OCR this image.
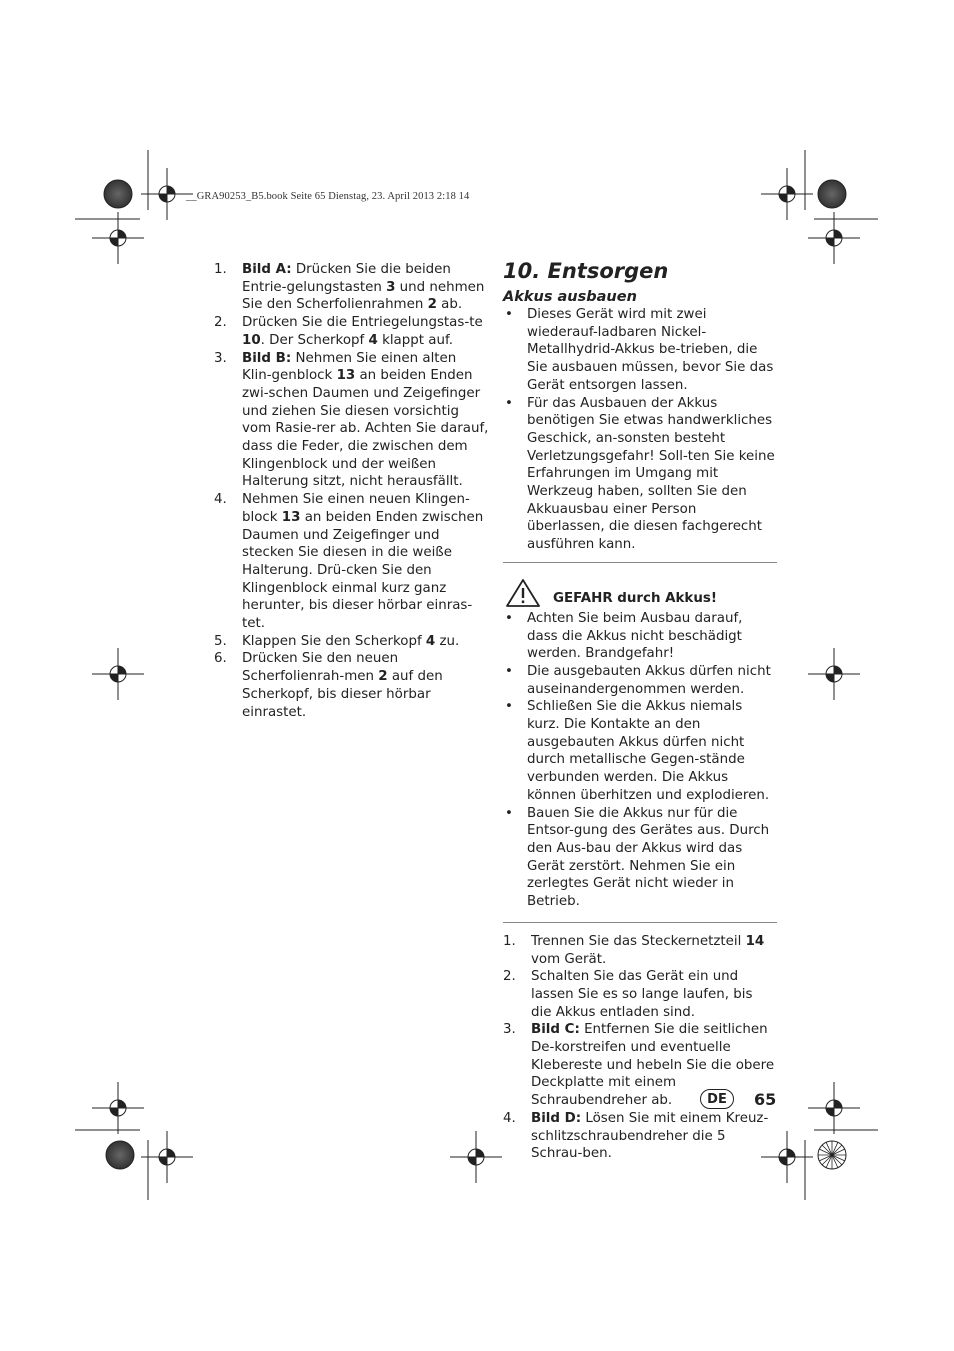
__GRA90253_B5.book Seite 65 Dienstag, 23. April 2013 2:18 14
1.	Bild A: Drücken Sie die beiden Entrie-gelungstasten 3 und nehmen Sie den Scherfolienrahmen 2 ab.
2.	Drücken Sie die Entriegelungstas-te 10. Der Scherkopf 4 klappt auf.
3.	Bild B: Nehmen Sie einen alten Klin-genblock 13 an beiden Enden zwi-schen Daumen und Zeigefinger und ziehen Sie diesen vorsichtig vom Rasie-rer ab. Achten Sie darauf, dass die Feder, die zwischen dem Klingenblock und der weißen Halterung sitzt, nicht herausfällt.
4.	Nehmen Sie einen neuen Klingen-block 13 an beiden Enden zwischen Daumen und Zeigefinger und stecken Sie diesen in die weiße Halterung. Drü-cken Sie den Klingenblock einmal kurz ganz herunter, bis dieser hörbar einras-tet.
5.	Klappen Sie den Scherkopf 4 zu.
6.	Drücken Sie den neuen Scherfolienrah-men 2 auf den Scherkopf, bis dieser hörbar einrastet.
10. Entsorgen
Akkus ausbauen
•	Dieses Gerät wird mit zwei wiederauf-ladbaren Nickel-Metallhydrid-Akkus be-trieben, die Sie ausbauen müssen, bevor Sie das Gerät entsorgen lassen.
•	Für das Ausbauen der Akkus benötigen Sie etwas handwerkliches Geschick, an-sonsten besteht Verletzungsgefahr! Soll-ten Sie keine Erfahrungen im Umgang mit Werkzeug haben, sollten Sie den Akkuausbau einer Person überlassen, die diesen fachgerecht ausführen kann.
GEFAHR durch Akkus!
•	Achten Sie beim Ausbau darauf, dass die Akkus nicht beschädigt werden. Brandgefahr!
•	Die ausgebauten Akkus dürfen nicht auseinandergenommen werden.
•	Schließen Sie die Akkus niemals kurz. Die Kontakte an den ausgebauten Akkus dürfen nicht durch metallische Gegen-stände verbunden werden. Die Akkus können überhitzen und explodieren.
•	Bauen Sie die Akkus nur für die Entsor-gung des Gerätes aus. Durch den Aus-bau der Akkus wird das Gerät zerstört. Nehmen Sie ein zerlegtes Gerät nicht wieder in Betrieb.
1.	Trennen Sie das Steckernetzteil 14 vom Gerät.
2.	Schalten Sie das Gerät ein und lassen Sie es so lange laufen, bis die Akkus entladen sind.
3.	Bild C: Entfernen Sie die seitlichen De-korstreifen und eventuelle Klebereste und hebeln Sie die obere Deckplatte mit einem Schraubendreher ab.
4.	Bild D: Lösen Sie mit einem Kreuz-schlitzschraubendreher die 5 Schrau-ben.
DE	65
